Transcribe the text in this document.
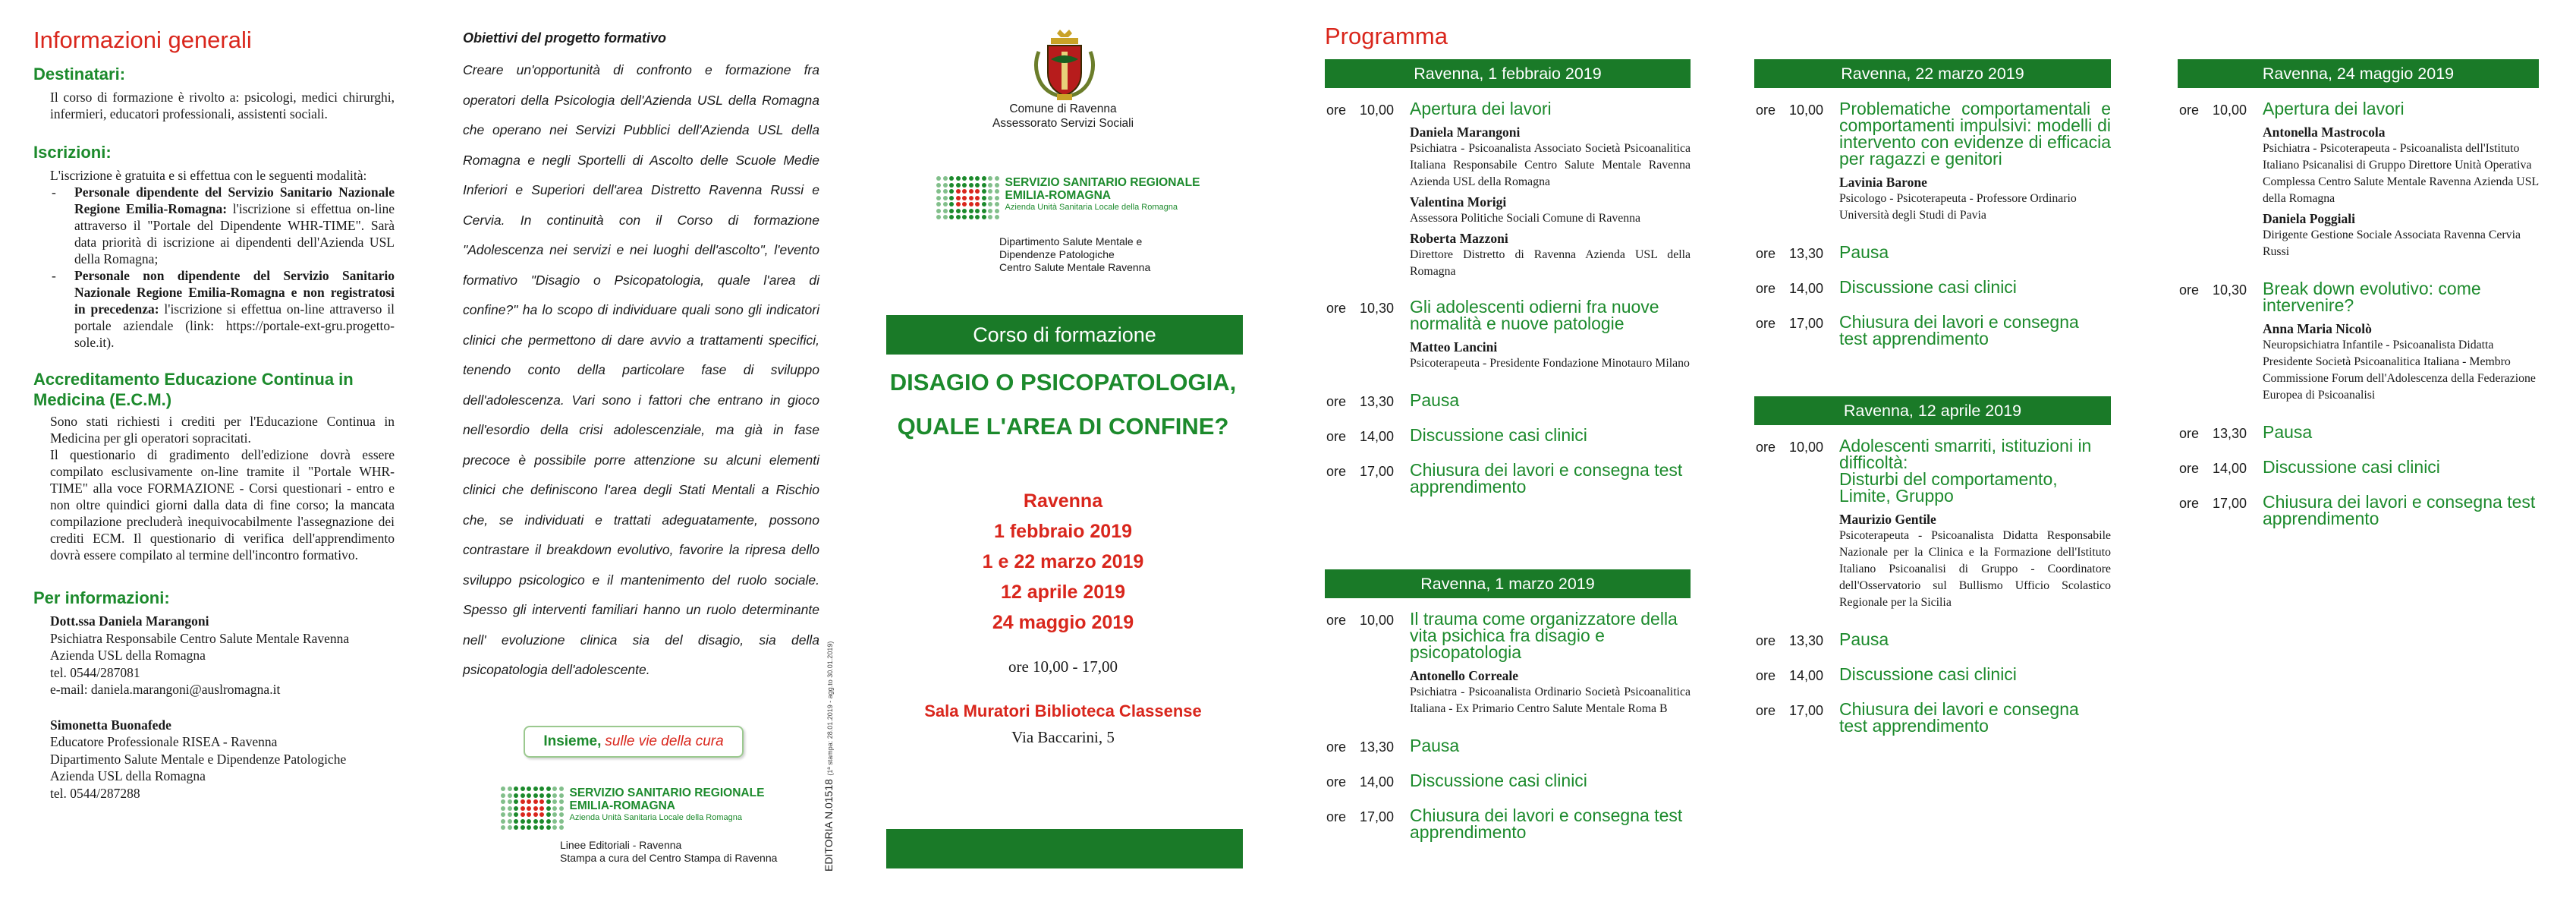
Informazioni generali
Destinatari:

Il corso di formazione è rivolto a: psicologi, medici chirurghi, infermieri, educatori professionali, assistenti sociali.

Iscrizioni:

L'iscrizione è gratuita e si effettua con le seguenti modalità:

- Personale dipendente del Servizio Sanitario Nazionale Regione Emilia-Romagna: l'iscrizione si effettua on-line attraverso il "Portale del Dipendente WHR-TIME". Sarà data priorità di iscrizione ai dipendenti dell'Azienda USL della Romagna;
- Personale non dipendente del Servizio Sanitario Nazionale Regione Emilia-Romagna e non registratosi in precedenza: l'iscrizione si effettua on-line attraverso il portale aziendale (link: https://portale-ext-gru.progetto-sole.it).
Accreditamento Educazione Continua in Medicina (E.C.M.)

Sono stati richiesti i crediti per l'Educazione Continua in Medicina per gli operatori sopracitati.

Il questionario di gradimento dell'edizione dovrà essere compilato esclusivamente on-line tramite il "Portale WHR-TIME" alla voce FORMAZIONE - Corsi questionari - entro e non oltre quindici giorni dalla data di fine corso; la mancata compilazione precluderà inequivocabilmente l'assegnazione dei crediti ECM. Il questionario di verifica dell'apprendimento dovrà essere compilato al termine dell'incontro formativo.

Per informazioni:
Dott.ssa Daniela Marangoni
Psichiatra Responsabile Centro Salute Mentale Ravenna
Azienda USL della Romagna
tel. 0544/287081
e-mail: daniela.marangoni@auslromagna.it
Simonetta Buonafede
Educatore Professionale RISEA - Ravenna
Dipartimento Salute Mentale e Dipendenze Patologiche
Azienda USL della Romagna
tel. 0544/287288
Obiettivi del progetto formativo

Creare un'opportunità di confronto e formazione fra operatori della Psicologia dell'Azienda USL della Romagna che operano nei Servizi Pubblici dell'Azienda USL della Romagna e negli Sportelli di Ascolto delle Scuole Medie Inferiori e Superiori dell'area Distretto Ravenna Russi e Cervia. In continuità con il Corso di formazione "Adolescenza nei servizi e nei luoghi dell'ascolto", l'evento formativo "Disagio o Psicopatologia, quale l'area di confine?" ha lo scopo di individuare quali sono gli indicatori clinici che permettono di dare avvio a trattamenti specifici, tenendo conto della particolare fase di sviluppo dell'adolescenza. Vari sono i fattori che entrano in gioco nell'esordio della crisi adolescenziale, ma già in fase precoce è possibile porre attenzione su alcuni elementi clinici che definiscono l'area degli Stati Mentali a Rischio che, se individuati e trattati adeguatamente, possono contrastare il breakdown evolutivo, favorire la ripresa dello sviluppo psicologico e il mantenimento del ruolo sociale. Spesso gli interventi familiari hanno un ruolo determinante nell' evoluzione clinica sia del disagio, sia della psicopatologia dell'adolescente.

Insieme, sulle vie della cura
SERVIZIO SANITARIO REGIONALE
EMILIA-ROMAGNA
Azienda Unità Sanitaria Locale della Romagna
Linee Editoriali - Ravenna
Stampa a cura del Centro Stampa di Ravenna	EDITORIA N.01518 (1ª stampa: 28.01.2019 - agg.to 30.01.2019)
Comune di Ravenna
Assessorato Servizi Sociali
SERVIZIO SANITARIO REGIONALE
EMILIA-ROMAGNA
Azienda Unità Sanitaria Locale della Romagna
Dipartimento Salute Mentale e
Dipendenze Patologiche
Centro Salute Mentale Ravenna
Corso di formazione
DISAGIO O PSICOPATOLOGIA,
QUALE L'AREA DI CONFINE?
Ravenna
1 febbraio 2019
1 e 22 marzo 2019
12 aprile 2019
24 maggio 2019
ore 10,00 - 17,00
Sala Muratori Biblioteca Classense
Via Baccarini, 5
Programma
Ravenna, 1 febbraio 2019
ore 10,00 Apertura dei lavori
Daniela Marangoni
Psichiatra - Psicoanalista Associato Società Psicoanalitica Italiana Responsabile Centro Salute Mentale Ravenna Azienda USL della Romagna
Valentina Morigi
Assessora Politiche Sociali Comune di Ravenna
Roberta Mazzoni
Direttore Distretto di Ravenna Azienda USL della Romagna
ore 10,30 Gli adolescenti odierni fra nuove normalità e nuove patologie
Matteo Lancini
Psicoterapeuta - Presidente Fondazione Minotauro Milano
ore 13,30 Pausa
ore 14,00 Discussione casi clinici
ore 17,00 Chiusura dei lavori e consegna test apprendimento
Ravenna, 1 marzo 2019
ore 10,00 Il trauma come organizzatore della vita psichica fra disagio e psicopatologia
Antonello Correale
Psichiatra - Psicoanalista Ordinario Società Psicoanalitica Italiana - Ex Primario Centro Salute Mentale Roma B
ore 13,30 Pausa
ore 14,00 Discussione casi clinici
ore 17,00 Chiusura dei lavori e consegna test apprendimento
Ravenna, 22 marzo 2019
ore 10,00 Problematiche comportamentali e comportamenti impulsivi: modelli di intervento con evidenze di efficacia per ragazzi e genitori
Lavinia Barone
Psicologo - Psicoterapeuta - Professore Ordinario Università degli Studi di Pavia
ore 13,30 Pausa
ore 14,00 Discussione casi clinici
ore 17,00 Chiusura dei lavori e consegna test apprendimento
Ravenna, 12 aprile 2019
ore 10,00 Adolescenti smarriti, istituzioni in difficoltà:
Disturbi del comportamento, Limite, Gruppo
Maurizio Gentile
Psicoterapeuta - Psicoanalista Didatta Responsabile Nazionale per la Clinica e la Formazione dell'Istituto Italiano Psicoanalisi di Gruppo - Coordinatore dell'Osservatorio sul Bullismo Ufficio Scolastico Regionale per la Sicilia
ore 13,30 Pausa
ore 14,00 Discussione casi clinici
ore 17,00 Chiusura dei lavori e consegna test apprendimento
Ravenna, 24 maggio 2019
ore 10,00 Apertura dei lavori
Antonella Mastrocola
Psichiatra - Psicoterapeuta - Psicoanalista dell'Istituto Italiano Psicanalisi di Gruppo Direttore Unità Operativa Complessa Centro Salute Mentale Ravenna Azienda USL della Romagna
Daniela Poggiali
Dirigente Gestione Sociale Associata Ravenna Cervia Russi
ore 10,30 Break down evolutivo: come intervenire?
Anna Maria Nicolò
Neuropsichiatra Infantile - Psicoanalista Didatta Presidente Società Psicoanalitica Italiana - Membro Commissione Forum dell'Adolescenza della Federazione Europea di Psicoanalisi
ore 13,30 Pausa
ore 14,00 Discussione casi clinici
ore 17,00 Chiusura dei lavori e consegna test apprendimento
